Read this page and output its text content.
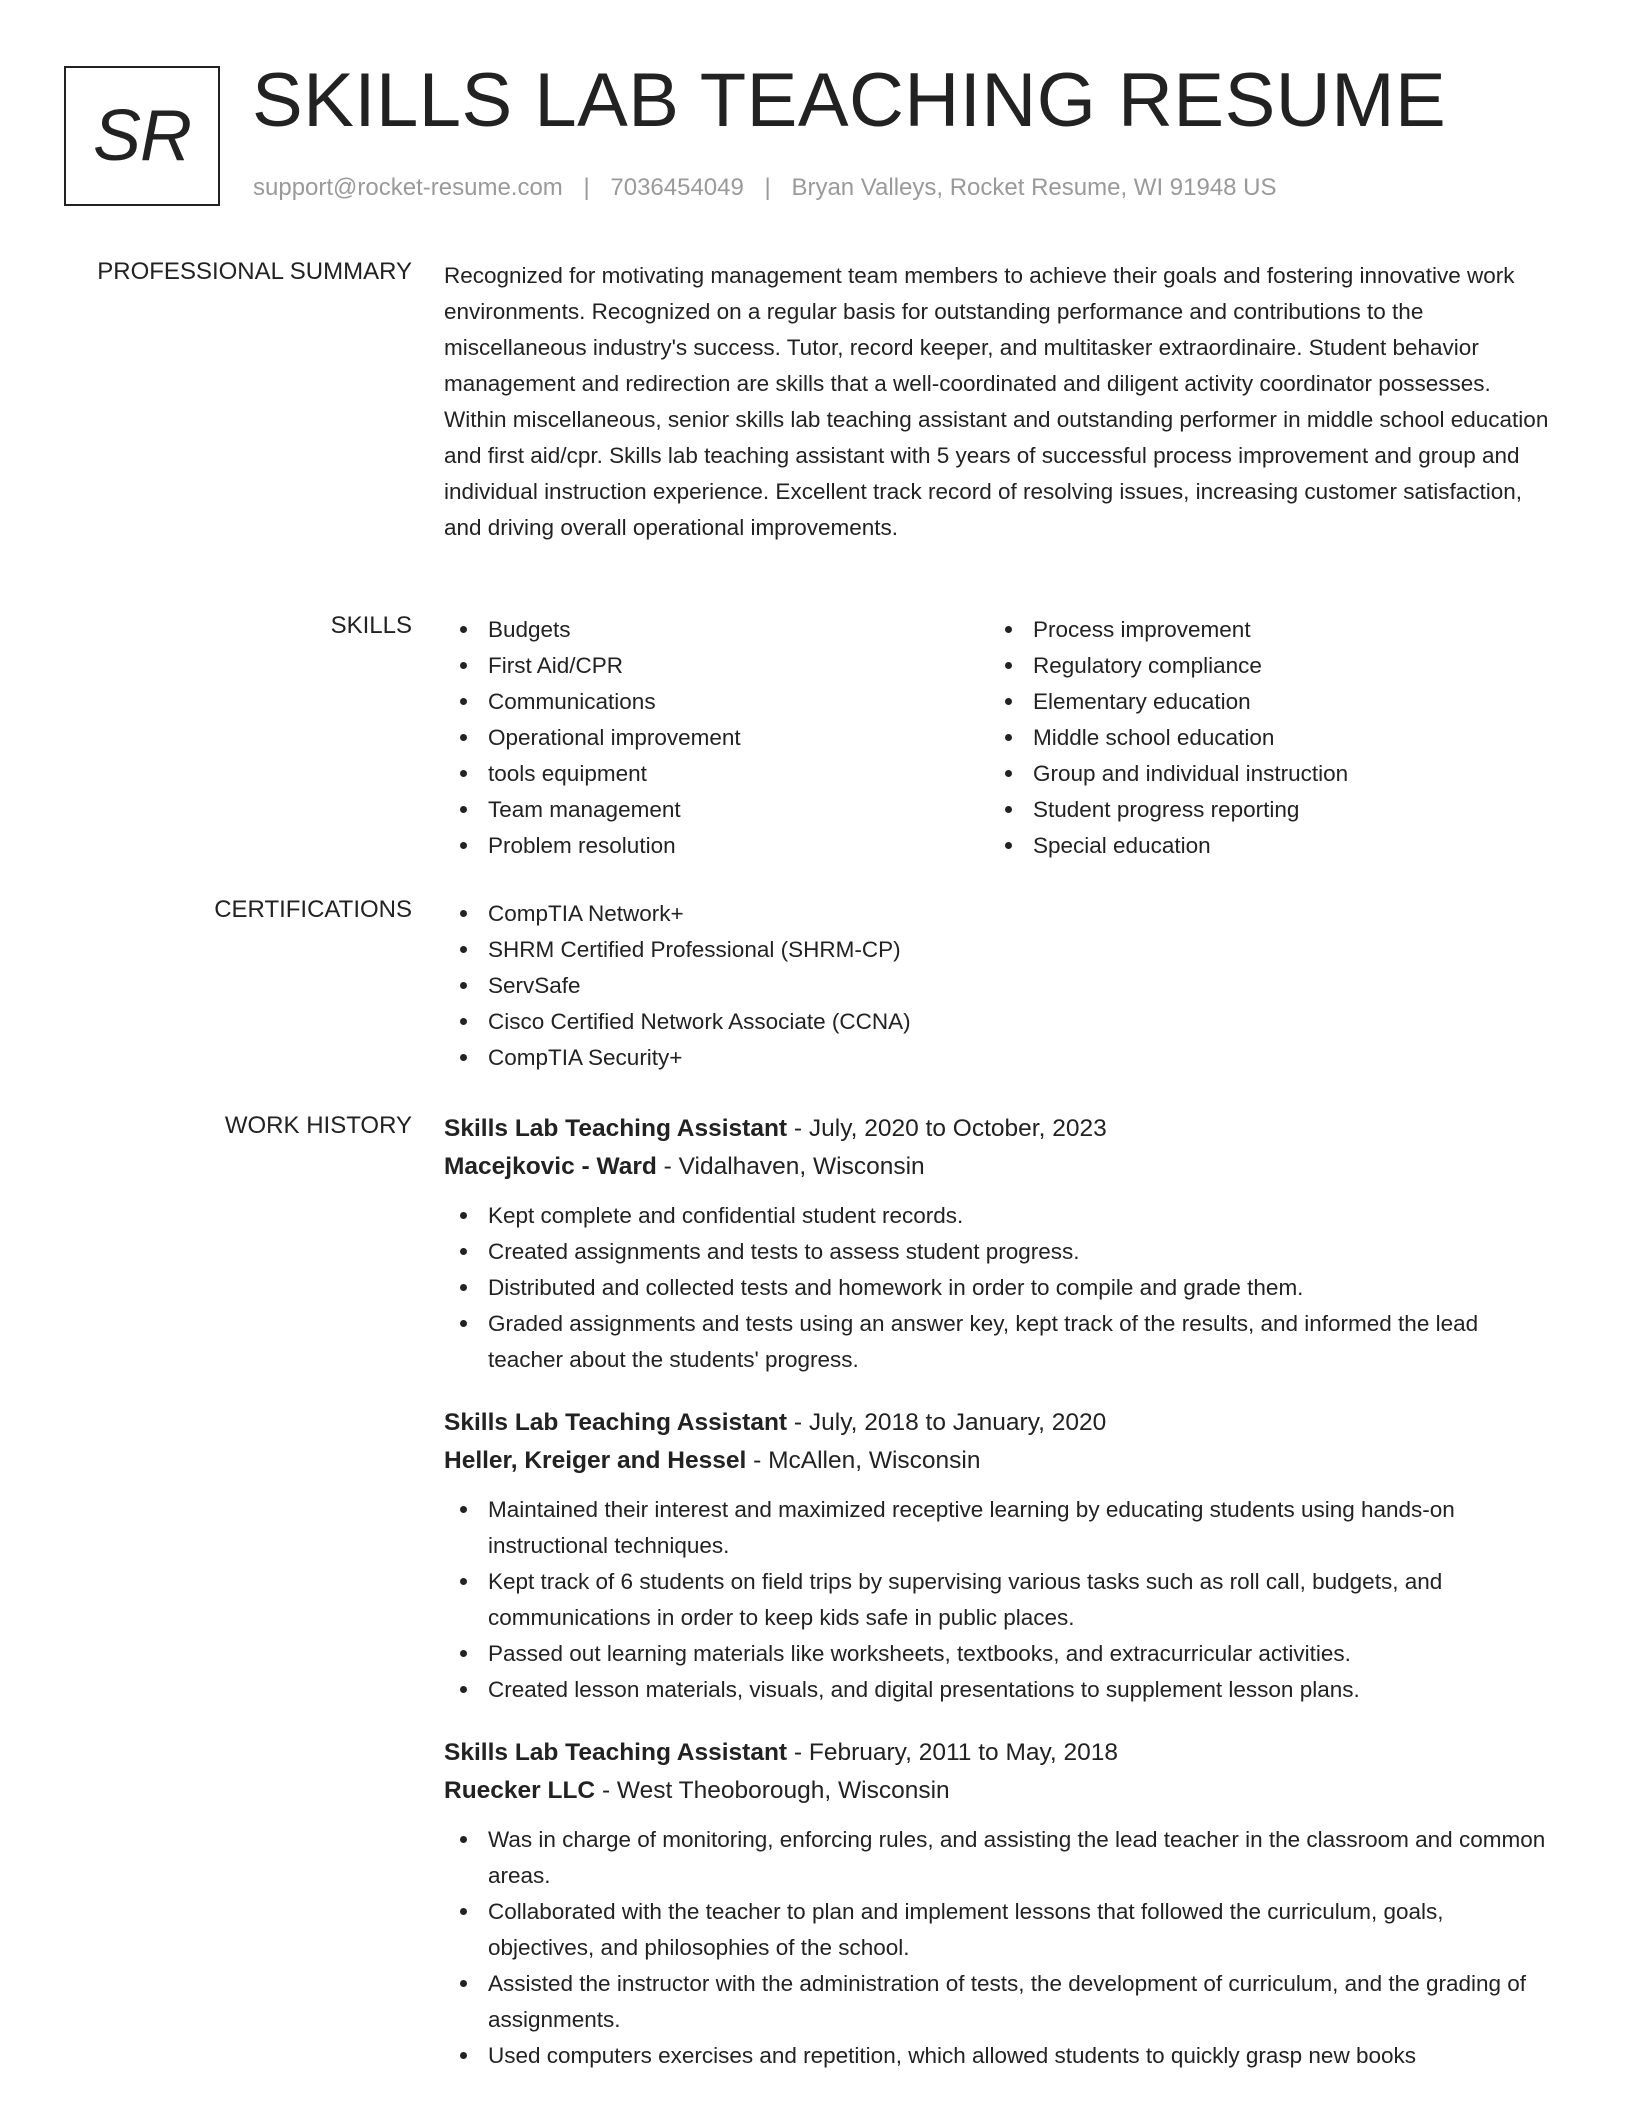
SR SKILLS LAB TEACHING RESUME
support@rocket-resume.com | 7036454049 | Bryan Valleys, Rocket Resume, WI 91948 US
PROFESSIONAL SUMMARY Recognized for motivating management team members to achieve their goals and fostering innovative work environments. Recognized on a regular basis for outstanding performance and contributions to the miscellaneous industry's success. Tutor, record keeper, and multitasker extraordinaire. Student behavior management and redirection are skills that a well-coordinated and diligent activity coordinator possesses. Within miscellaneous, senior skills lab teaching assistant and outstanding performer in middle school education and first aid/cpr. Skills lab teaching assistant with 5 years of successful process improvement and group and individual instruction experience. Excellent track record of resolving issues, increasing customer satisfaction, and driving overall operational improvements.

SKILLS	Budgets
First Aid/CPR
Communications
Operational improvement
tools equipment
Team management
Problem resolution
Process improvement
Regulatory compliance
Elementary education
Middle school education
Group and individual instruction
Student progress reporting
Special education
CERTIFICATIONS	CompTIA Network+
SHRM Certified Professional (SHRM-CP)
ServSafe
Cisco Certified Network Associate (CCNA)
CompTIA Security+
WORK HISTORY Skills Lab Teaching Assistant - July, 2020 to October, 2023
Macejkovic - Ward - Vidalhaven, Wisconsin
Kept complete and confidential student records.
Created assignments and tests to assess student progress.
Distributed and collected tests and homework in order to compile and grade them.
Graded assignments and tests using an answer key, kept track of the results, and informed the lead teacher about the students' progress.
Skills Lab Teaching Assistant - July, 2018 to January, 2020
Heller, Kreiger and Hessel - McAllen, Wisconsin
Maintained their interest and maximized receptive learning by educating students using hands-on instructional techniques.
Kept track of 6 students on field trips by supervising various tasks such as roll call, budgets, and communications in order to keep kids safe in public places.
Passed out learning materials like worksheets, textbooks, and extracurricular activities.
Created lesson materials, visuals, and digital presentations to supplement lesson plans.
Skills Lab Teaching Assistant - February, 2011 to May, 2018
Ruecker LLC - West Theoborough, Wisconsin
Was in charge of monitoring, enforcing rules, and assisting the lead teacher in the classroom and common areas.
Collaborated with the teacher to plan and implement lessons that followed the curriculum, goals, objectives, and philosophies of the school.
Assisted the instructor with the administration of tests, the development of curriculum, and the grading of assignments.
Used computers exercises and repetition, which allowed students to quickly grasp new books
